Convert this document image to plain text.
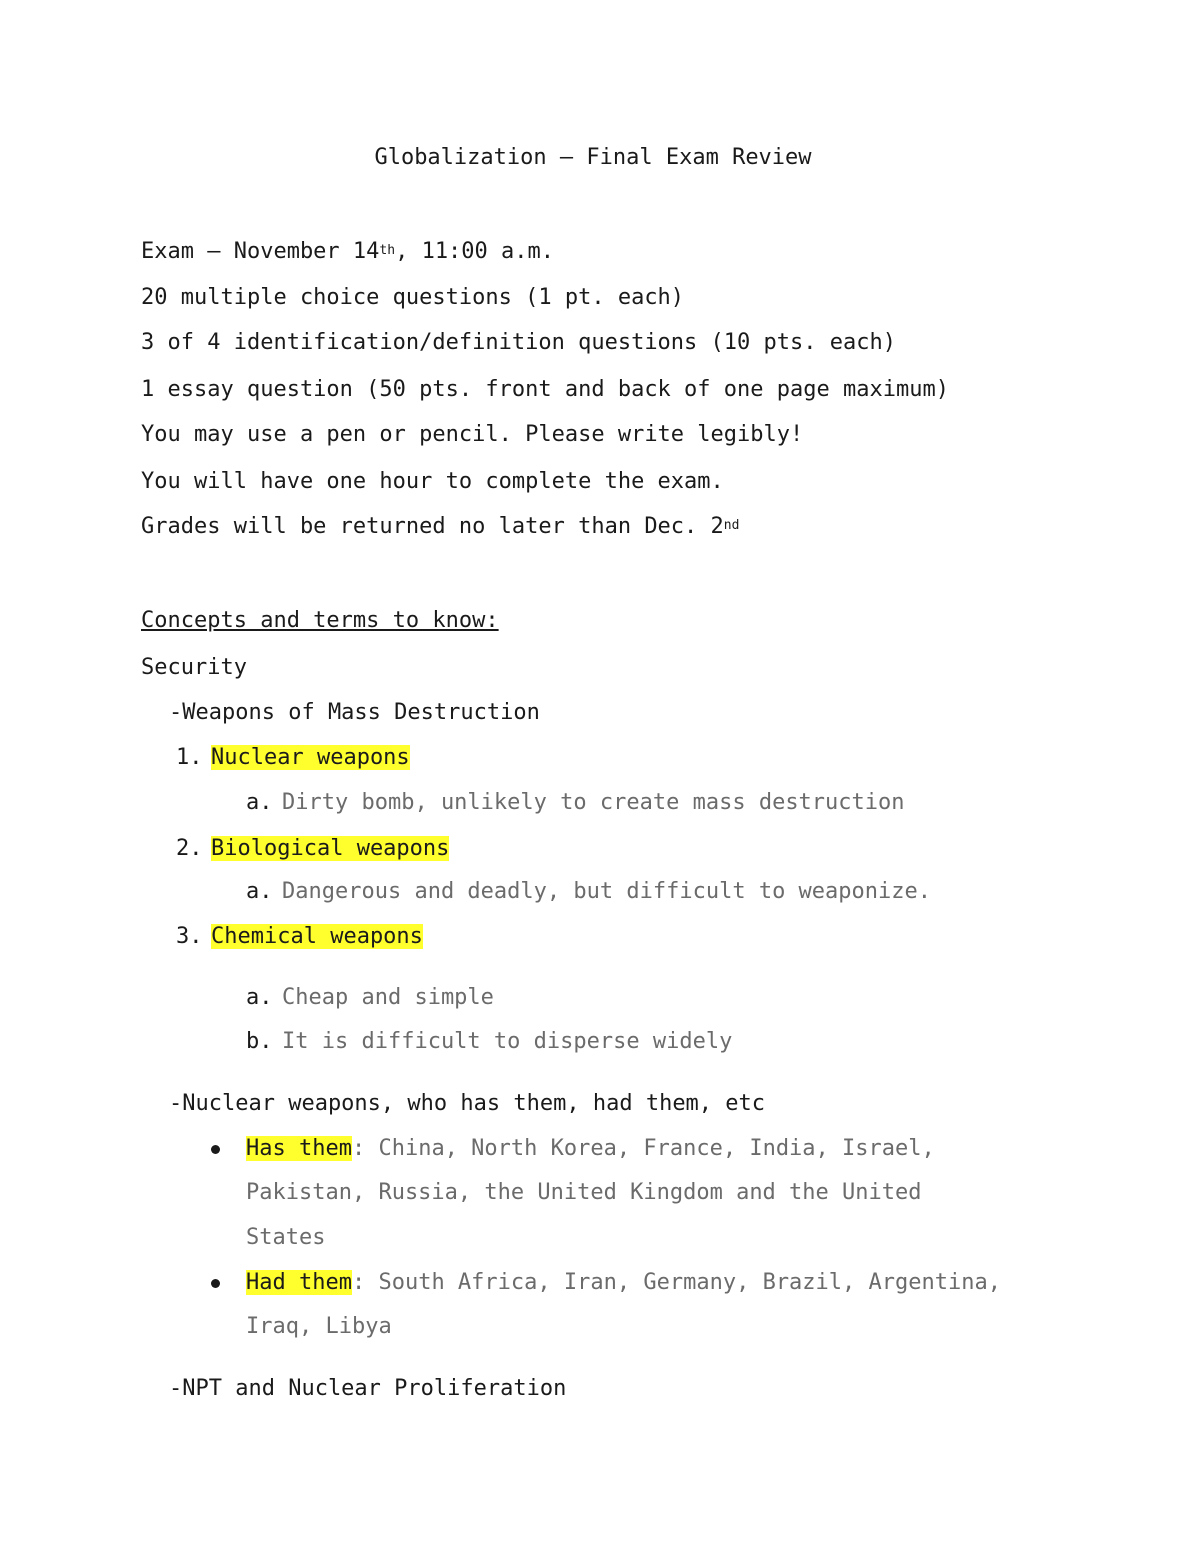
Globalization – Final Exam Review
Exam – November 14th, 11:00 a.m.
20 multiple choice questions (1 pt. each)
3 of 4 identification/definition questions (10 pts. each)
1 essay question (50 pts. front and back of one page maximum)
You may use a pen or pencil. Please write legibly!
You will have one hour to complete the exam.
Grades will be returned no later than Dec. 2nd
Concepts and terms to know:
Security
-Weapons of Mass Destruction
1. Nuclear weapons
a. Dirty bomb, unlikely to create mass destruction
2. Biological weapons
a. Dangerous and deadly, but difficult to weaponize.
3. Chemical weapons
a. Cheap and simple
b. It is difficult to disperse widely
-Nuclear weapons, who has them, had them, etc
Has them: China, North Korea, France, India, Israel,
Pakistan, Russia, the United Kingdom and the United
States
Had them: South Africa, Iran, Germany, Brazil, Argentina,
Iraq, Libya
-NPT and Nuclear Proliferation
